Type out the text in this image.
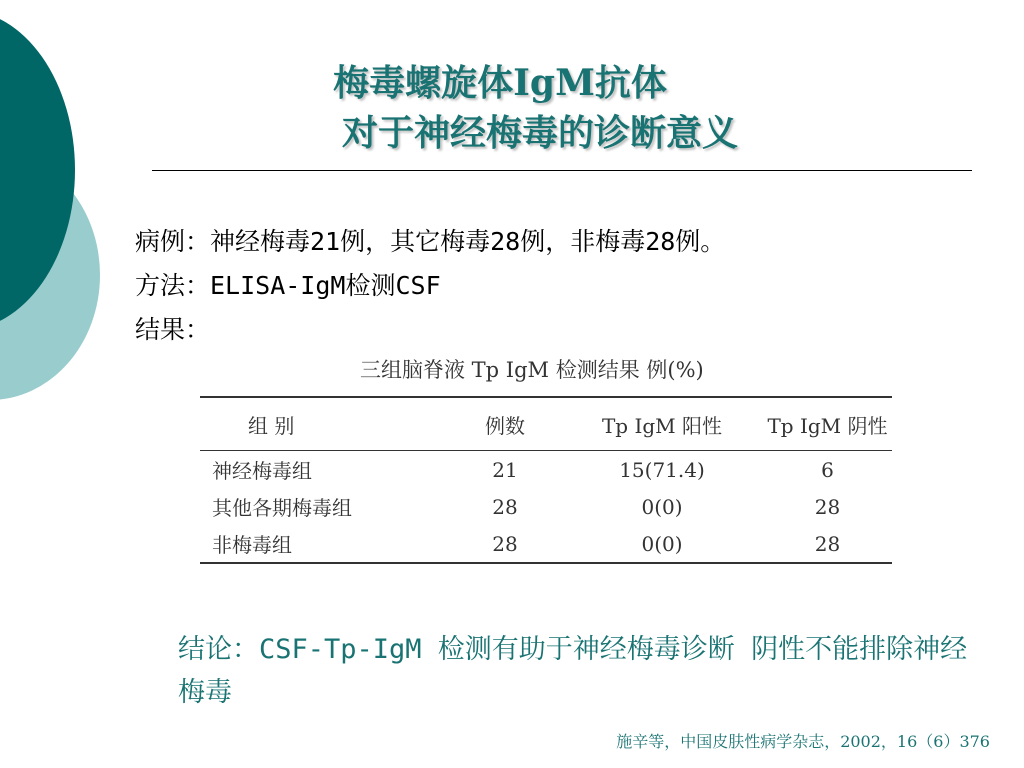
梅毒螺旋体IgM抗体
对于神经梅毒的诊断意义
病例：神经梅毒21例，其它梅毒28例，非梅毒28例。
方法：ELISA-IgM检测CSF
结果：
三组脑脊液 Tp IgM 检测结果 例(%)
组 别	例数	Tp IgM 阳性	Tp IgM 阴性
神经梅毒组	21	15(71.4)	6
其他各期梅毒组	28	0(0)	28
非梅毒组	28	0(0)	28
结论：CSF-Tp-IgM 检测有助于神经梅毒诊断 阴性不能排除神经梅毒
施辛等，中国皮肤性病学杂志，2002，16（6）376
